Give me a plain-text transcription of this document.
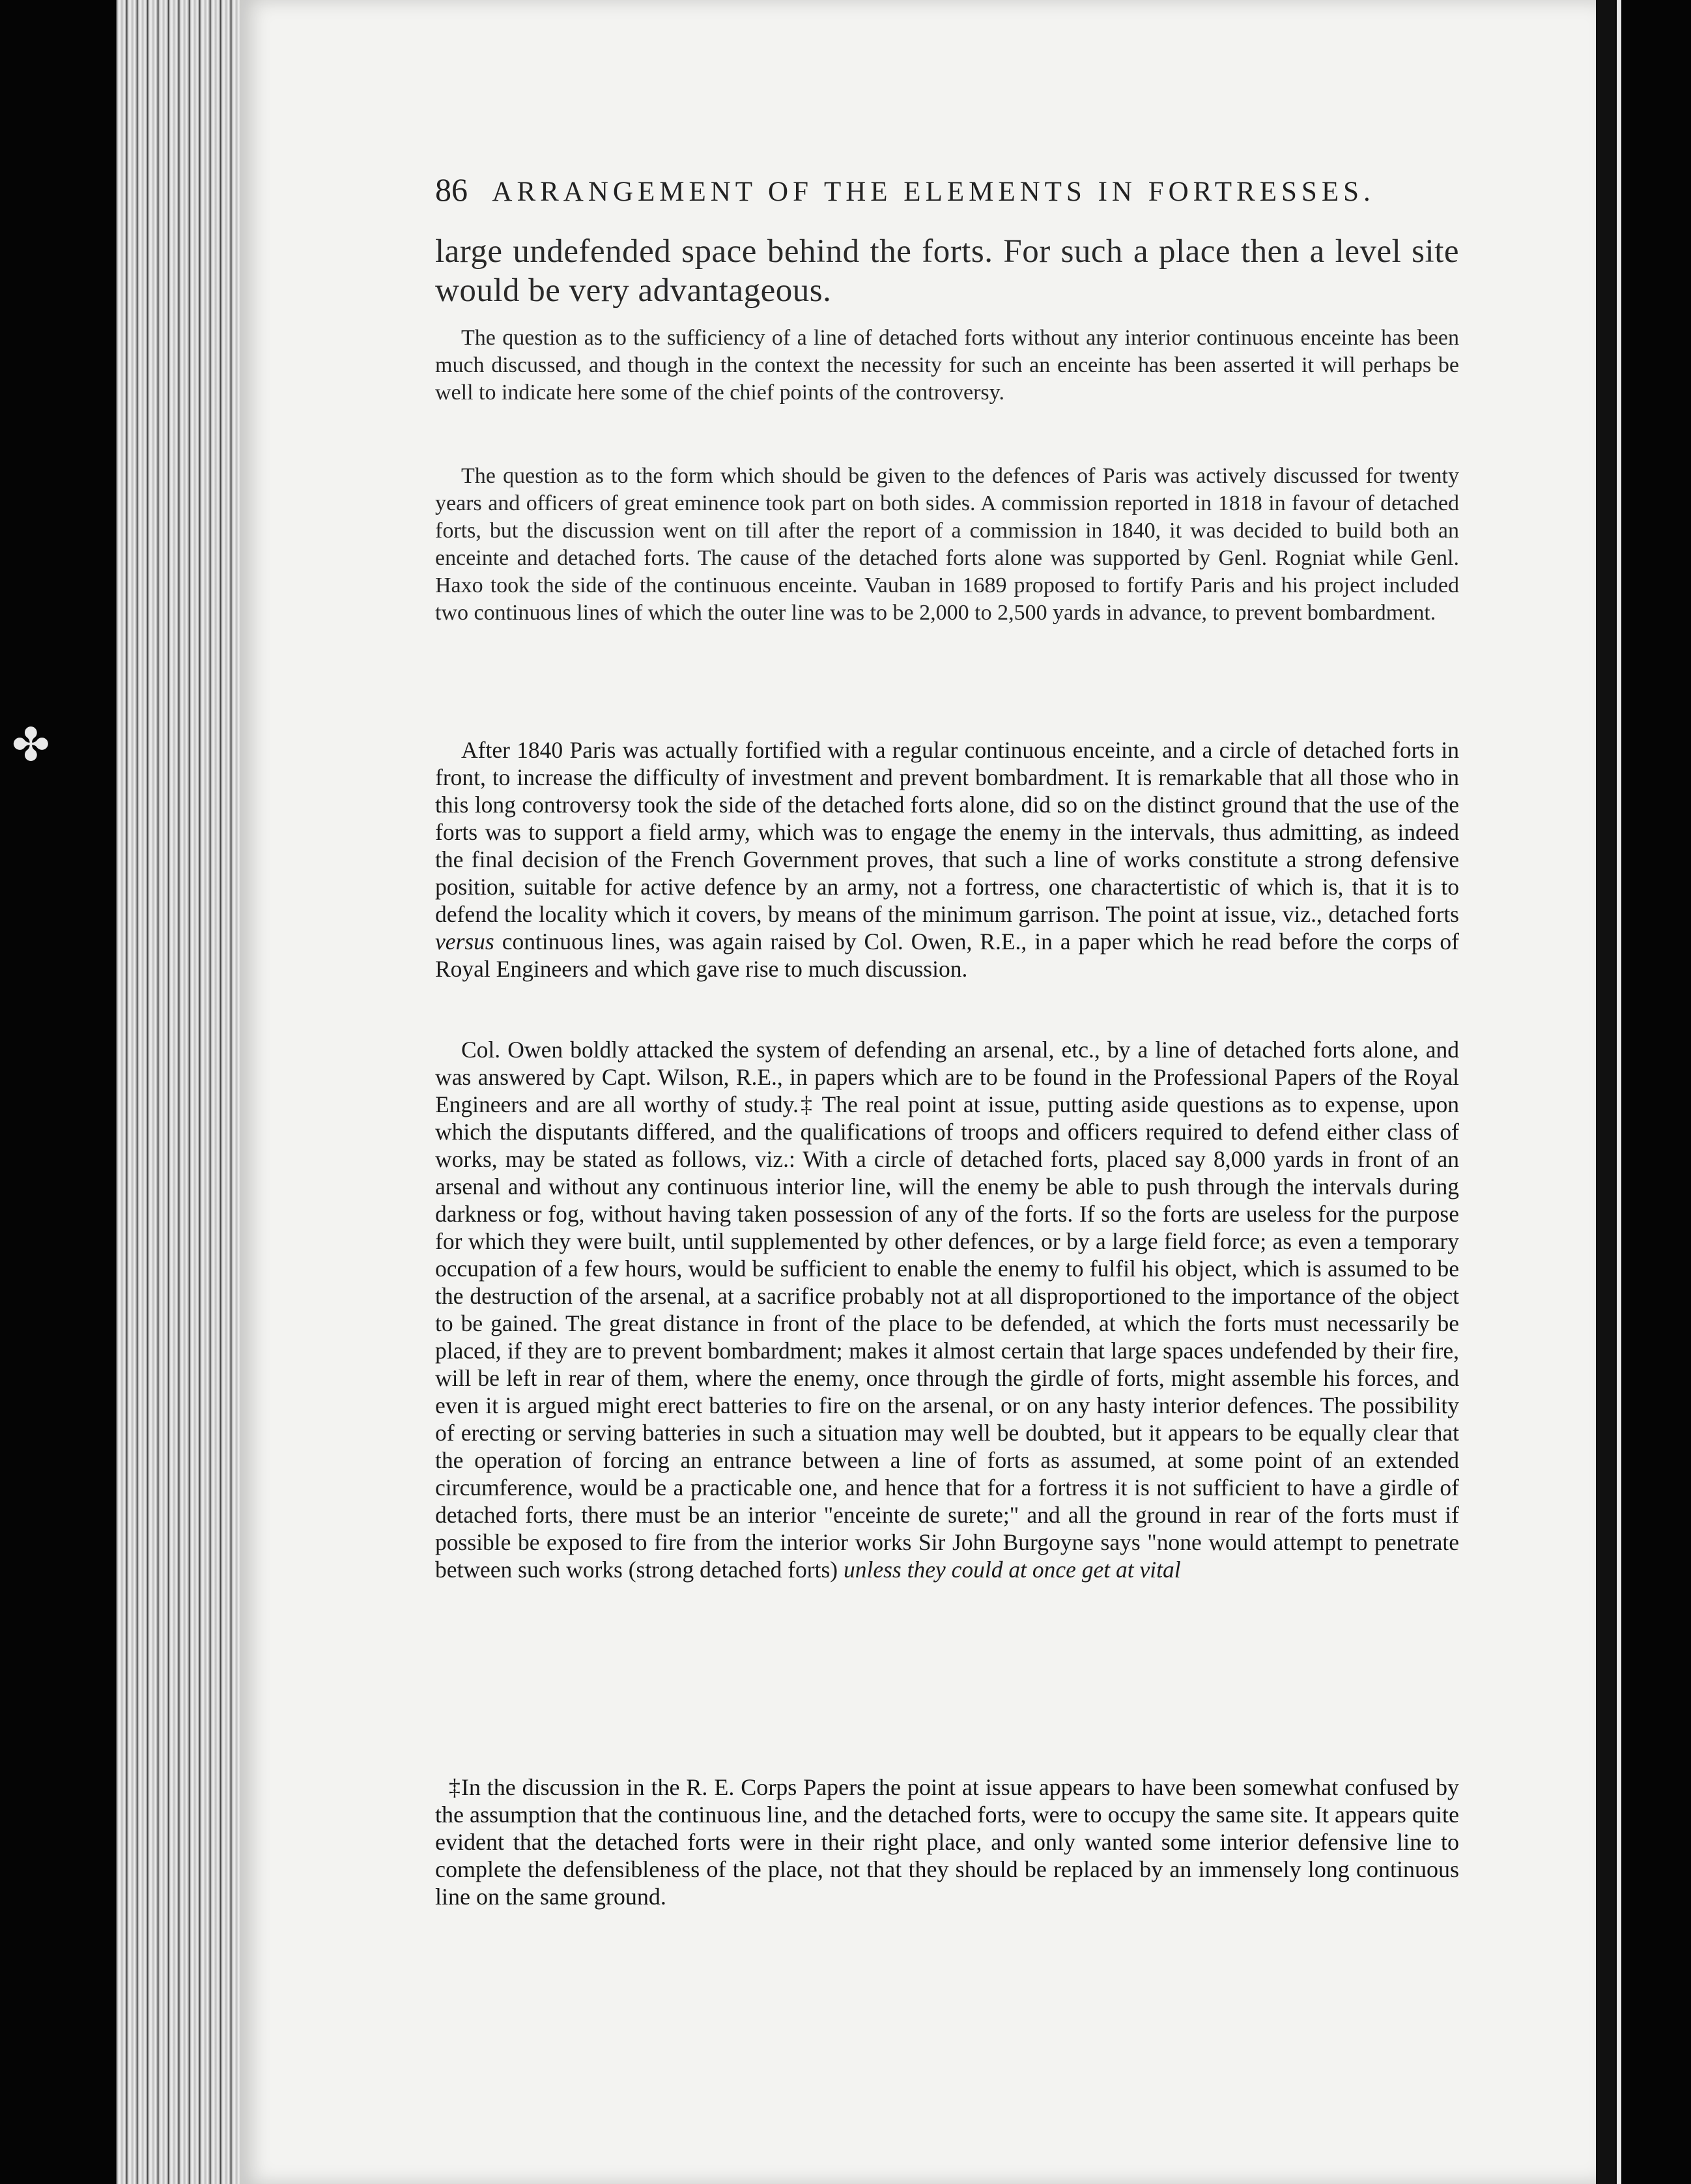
✤
86 ARRANGEMENT OF THE ELEMENTS IN FORTRESSES.

large undefended space behind the forts. For such a place then a level site would be very advantageous.

The question as to the sufficiency of a line of detached forts without any interior continuous enceinte has been much discussed, and though in the context the necessity for such an enceinte has been asserted it will perhaps be well to indicate here some of the chief points of the controversy.
The question as to the form which should be given to the defences of Paris was actively discussed for twenty years and officers of great eminence took part on both sides. A commission reported in 1818 in favour of detached forts, but the discussion went on till after the report of a commission in 1840, it was decided to build both an enceinte and detached forts. The cause of the detached forts alone was supported by Genl. Rogniat while Genl. Haxo took the side of the continuous enceinte. Vauban in 1689 proposed to fortify Paris and his project included two continuous lines of which the outer line was to be 2,000 to 2,500 yards in advance, to prevent bombardment.
After 1840 Paris was actually fortified with a regular continuous enceinte, and a circle of detached forts in front, to increase the difficulty of investment and prevent bombardment. It is remarkable that all those who in this long controversy took the side of the detached forts alone, did so on the distinct ground that the use of the forts was to support a field army, which was to engage the enemy in the intervals, thus admitting, as indeed the final decision of the French Government proves, that such a line of works constitute a strong defensive position, suitable for active defence by an army, not a fortress, one charactertistic of which is, that it is to defend the locality which it covers, by means of the minimum garrison. The point at issue, viz., detached forts versus continuous lines, was again raised by Col. Owen, R.E., in a paper which he read before the corps of Royal Engineers and which gave rise to much discussion.
Col. Owen boldly attacked the system of defending an arsenal, etc., by a line of detached forts alone, and was answered by Capt. Wilson, R.E., in papers which are to be found in the Professional Papers of the Royal Engineers and are all worthy of study.‡ The real point at issue, putting aside questions as to expense, upon which the disputants differed, and the qualifications of troops and officers required to defend either class of works, may be stated as follows, viz.: With a circle of detached forts, placed say 8,000 yards in front of an arsenal and without any continuous interior line, will the enemy be able to push through the intervals during darkness or fog, without having taken possession of any of the forts. If so the forts are useless for the purpose for which they were built, until supplemented by other defences, or by a large field force; as even a temporary occupation of a few hours, would be sufficient to enable the enemy to fulfil his object, which is assumed to be the destruction of the arsenal, at a sacrifice probably not at all disproportioned to the importance of the object to be gained. The great distance in front of the place to be defended, at which the forts must necessarily be placed, if they are to prevent bombardment; makes it almost certain that large spaces undefended by their fire, will be left in rear of them, where the enemy, once through the girdle of forts, might assemble his forces, and even it is argued might erect batteries to fire on the arsenal, or on any hasty interior defences. The possibility of erecting or serving batteries in such a situation may well be doubted, but it appears to be equally clear that the operation of forcing an entrance between a line of forts as assumed, at some point of an extended circumference, would be a practicable one, and hence that for a fortress it is not sufficient to have a girdle of detached forts, there must be an interior "enceinte de surete;" and all the ground in rear of the forts must if possible be exposed to fire from the interior works Sir John Burgoyne says "none would attempt to penetrate between such works (strong detached forts) unless they could at once get at vital
‡In the discussion in the R. E. Corps Papers the point at issue appears to have been somewhat confused by the assumption that the continuous line, and the detached forts, were to occupy the same site. It appears quite evident that the detached forts were in their right place, and only wanted some interior defensive line to complete the defensibleness of the place, not that they should be replaced by an immensely long continuous line on the same ground.
